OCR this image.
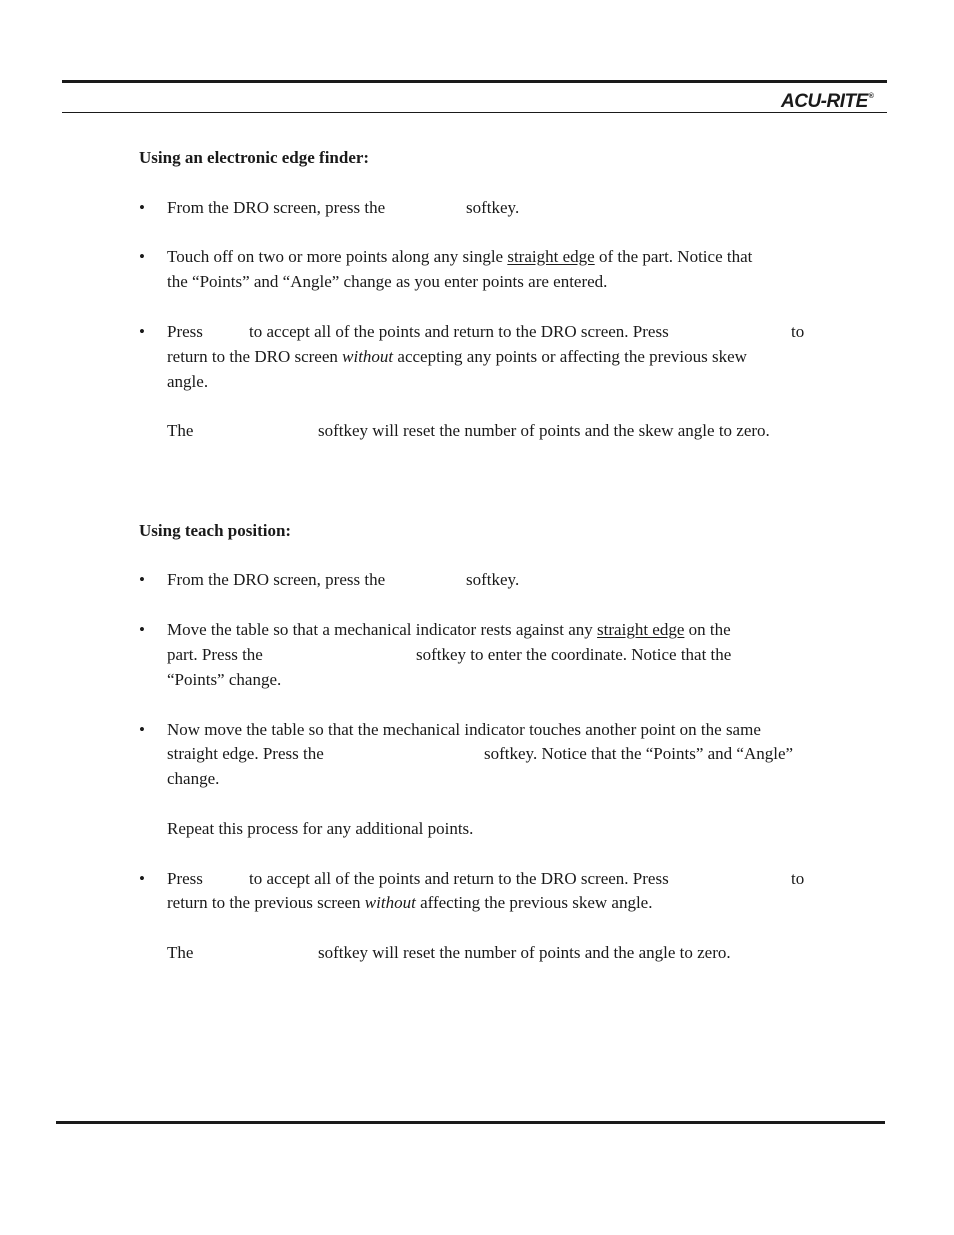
ACU-RITE®
Using an electronic edge finder:
• From the DRO screen, press the	softkey.
• Touch off on two or more points along any single straight edge of the part. Notice that
the “Points” and “Angle” change as you enter points are entered.
• Press	to accept all of the points and return to the DRO screen. Press	to
return to the DRO screen without accepting any points or affecting the previous skew
angle.
The	softkey will reset the number of points and the skew angle to zero.
Using teach position:
• From the DRO screen, press the	softkey.
• Move the table so that a mechanical indicator rests against any straight edge on the
part. Press the	softkey to enter the coordinate. Notice that the
“Points” change.
• Now move the table so that the mechanical indicator touches another point on the same
straight edge. Press the	softkey. Notice that the “Points” and “Angle”
change.
Repeat this process for any additional points.
• Press	to accept all of the points and return to the DRO screen. Press	to
return to the previous screen without affecting the previous skew angle.
The	softkey will reset the number of points and the angle to zero.
